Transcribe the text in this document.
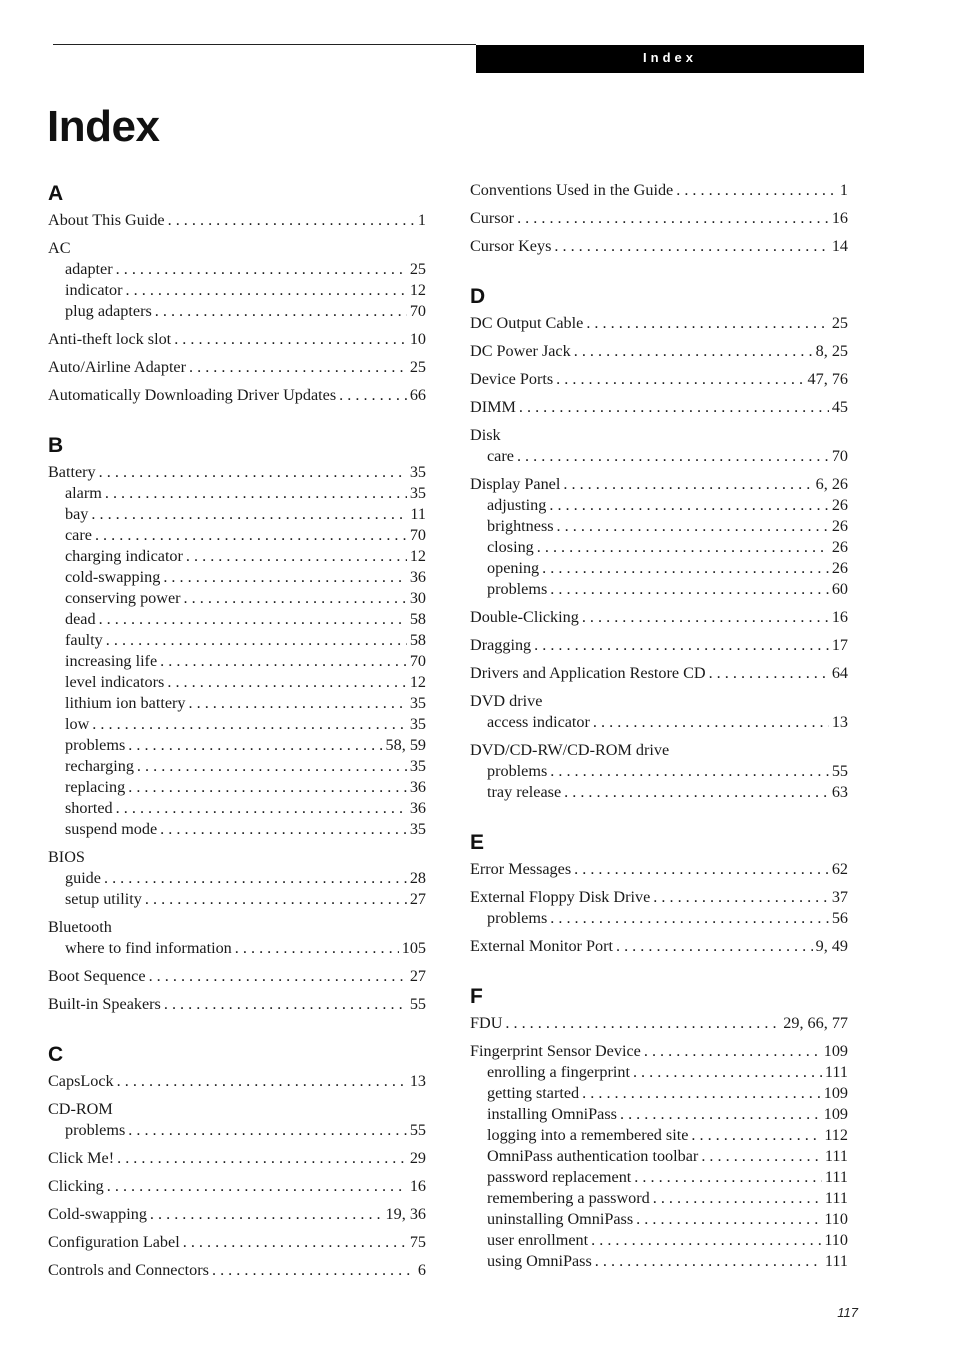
Index
Index
A
About This Guide . . .	1
AC
adapter . . .	25
indicator . . .	12
plug adapters . . .	70
Anti-theft lock slot . . .	10
Auto/Airline Adapter . . .	25
Automatically Downloading Driver Updates . . .	66
B
Battery . . .	35
alarm . . .	35
bay . . .	11
care . . .	70
charging indicator . . .	12
cold-swapping . . .	36
conserving power . . .	30
dead . . .	58
faulty . . .	58
increasing life . . .	70
level indicators . . .	12
lithium ion battery . . .	35
low . . .	35
problems . . .	58, 59
recharging . . .	35
replacing . . .	36
shorted . . .	36
suspend mode . . .	35
BIOS
guide . . .	28
setup utility . . .	27
Bluetooth
where to find information . . .	105
Boot Sequence . . .	27
Built-in Speakers . . .	55
C
CapsLock . . .	13
CD-ROM
problems . . .	55
Click Me! . . .	29
Clicking . . .	16
Cold-swapping . . .	19, 36
Configuration Label . . .	75
Controls and Connectors . . .	6
Conventions Used in the Guide . . .	1
Cursor . . .	16
Cursor Keys . . .	14
D
DC Output Cable . . .	25
DC Power Jack . . .	8, 25
Device Ports . . .	47, 76
DIMM . . .	45
Disk
care . . .	70
Display Panel . . .	6, 26
adjusting . . .	26
brightness . . .	26
closing . . .	26
opening . . .	26
problems . . .	60
Double-Clicking . . .	16
Dragging . . .	17
Drivers and Application Restore CD . . .	64
DVD drive
access indicator . . .	13
DVD/CD-RW/CD-ROM drive
problems . . .	55
tray release . . .	63
E
Error Messages . . .	62
External Floppy Disk Drive . . .	37
problems . . .	56
External Monitor Port . . .	9, 49
F
FDU . . .	29, 66, 77
Fingerprint Sensor Device . . .	109
enrolling a fingerprint . . .	111
getting started . . .	109
installing OmniPass . . .	109
logging into a remembered site . . .	112
OmniPass authentication toolbar . . .	111
password replacement . . .	111
remembering a password . . .	111
uninstalling OmniPass . . .	110
user enrollment . . .	110
using OmniPass . . .	111
117
